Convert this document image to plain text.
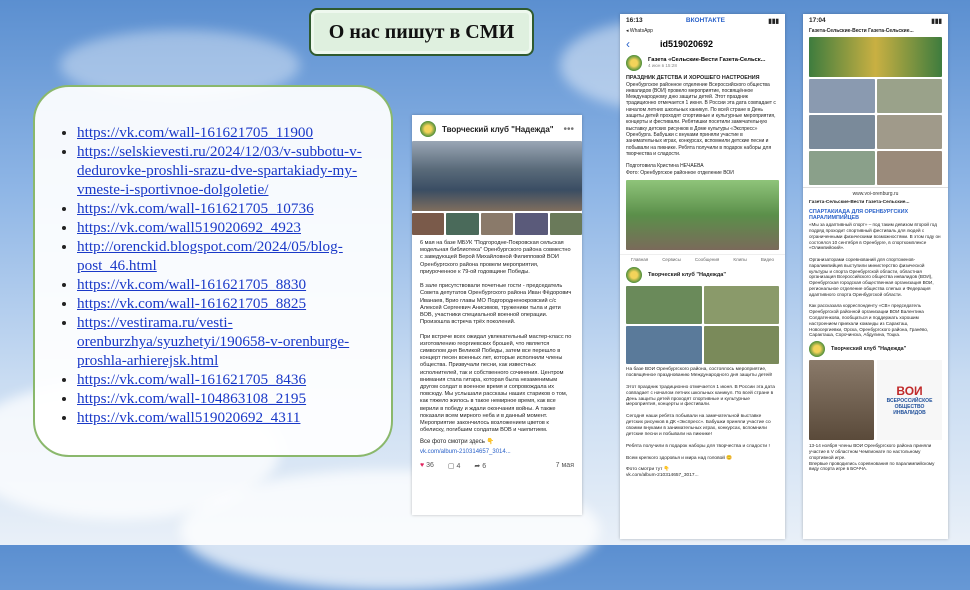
О нас пишут в СМИ
• https://vk.com/wall-161621705_11900
• https://selskievesti.ru/2024/12/03/v-subbotu-v-dedurovke-proshli-srazu-dve-spartakiady-my-vmeste-i-sportivnoe-dolgoletie/
• https://vk.com/wall-161621705_10736
• https://vk.com/wall519020692_4923
• http://orenckid.blogspot.com/2024/05/blog-post_46.html
• https://vk.com/wall-161621705_8830
• https://vk.com/wall-161621705_8825
• https://vestirama.ru/vesti-orenburzhya/syuzhetyi/190658-v-orenburge-proshla-arhierejsk.html
• https://vk.com/wall-161621705_8436
• https://vk.com/wall-104863108_2195
• https://vk.com/wall519020692_4311
Творческий клуб "Надежда" •••
6 мая на базе МБУК "Подгородне-Покровская сельская модельная библиотека" Оренбургского района совместно с заведующей Верой Михайловной Филипповой ВОИ Оренбургского района провели мероприятия, приуроченное к 79-ой годовщине Победы.

В зале присутствовали почетные гости - председатель Совета депутатов Оренбургского района Иван Фёдорович Иванаев, Врио главы МО Подгородненокровский с/с Алексей Сергеевич Анисимов, труженики тыла и дети ВОВ, участники специальной военной операции. Произошла встреча трёх поколений.

При встрече всех ожидал увлекательный мастер-класс по изготовлению георгиевских брошей, что является символом дня Великой Победы, затем все перешло в концерт песен военных лет, которые исполнили члены общества. Призвучали песни, как известных исполнителей, так и собственного сочинения. Центром внимания стала гитара, которая была незаменимым другом солдат в военное время и сопровождала их повсюду. Мы услышали рассказы наших стариков о том, как тяжело жилось в такое немирное время, как все верили в победу и ждали окончания войны. А также показали всем мирного неба и в данный момент. Мероприятие закончилось возложением цветов к обелиску, погибшим солдатам ВОВ и чаепитием.
Все фото смотри здесь 👇
vk.com/album-210314657_3014...
♥ 36 ▢ 4 ➦ 6	7 мая
16:13	ВКОНТАКТЕ	▮▮▮
◂ WhatsApp
‹	id519020692
Газета «Сельские-Вести Газета-Сельск...
4 июн в 15:28
ПРАЗДНИК ДЕТСТВА И ХОРОШЕГО НАСТРОЕНИЯ
Оренбургское районное отделение Всероссийского общества инвалидов (ВОИ) провело мероприятие, посвящённое Международному дню защиты детей. Этот праздник традиционно отмечается 1 июня. В России эта дата совпадает с началом летних школьных каникул. По всей стране в День защиты детей проходят спортивные и культурные мероприятия, концерты и фестивали. Ребятишки посетили замечательную выставку детских рисунков в Доме культуры «Экспресс» Оренбурга. Бабушки с внуками приняли участие в занимательных играх, конкурсах, вспомнили детские песни и побывали на пикнике. Ребята получили в подарок наборы для творчества и сладости.

Подготовила Кристина НЕЧАЕВА
Фото: Оренбургское районное отделение ВОИ
Главная	Сервисы	Сообщения	Клипы	Видео
Творческий клуб "Надежда"
На базе ВОИ Оренбургского района, состоялось мероприятие, посвящённое празднованию Международного дня защиты детей!

Этот праздник традиционно отмечается 1 июня. В России эта дата совпадает с началом летних школьных каникул. По всей стране в День защиты детей проходят спортивные и культурные мероприятия, концерты и фестивали.

Сегодня наши ребята побывали на замечательной выставке детских рисунков в ДК «Экспресс». Бабушки приняли участие со своими внуками в занимательных играх, конкурсах, вспомнили детские песни и побывали на пикнике!

Ребята получили в подарок наборы для творчества и сладости !

Всем крепкого здоровья и мира над головой 😊

Фото смотри тут 👇
vk.com/album-210314657_3017...
17:04	▮▮▮
Газета-Сельские-Вести Газета-Сельские...
www.voi-orenburg.ru
Газета-Сельские-Вести Газета-Сельские...
СПАРТАКИАДА ДЛЯ ОРЕНБУРГСКИХ ПАРАЛИМПИЙЦЕВ
«Мы за адаптивный спорт» – под таким девизом второй год подряд проходит спортивный фестиваль для людей с ограниченными физическими возможностями. В этом году он состоялся 10 сентября в Оренбурге, в спорткомплексе «Олимпийский».

Организаторами соревнований для спортсменов-паралимпийцев выступили министерство физической культуры и спорта Оренбургской области, областная организация Всероссийского общества инвалидов (ВОИ), Оренбургская городская общественная организация ВОИ, региональное отделение общества слепых и Федерация адаптивного спорта Оренбургской области.

Как рассказала корреспонденту «СВ» председатель Оренбургской районной организации ВОИ Валентина Солдатенкова, пообщаться и поддержать хорошим настроением приехали команды из Саракташ, Новосергиевки, Орска, Оренбургского района, Гранёво, Саракташа, Сорочинска, Абдулина, Тоцка.
Творческий клуб "Надежда"
ВОИ
ВСЕРОССИЙСКОЕ
ОБЩЕСТВО
ИНВАЛИДОВ
13-14 ноября члены ВОИ Оренбургского района приняли участие в V областном Чемпионате по настольному спортивной игре.
Впервые проводились соревнования по паралимпийскому виду спорта игре в БОЧЧА.
